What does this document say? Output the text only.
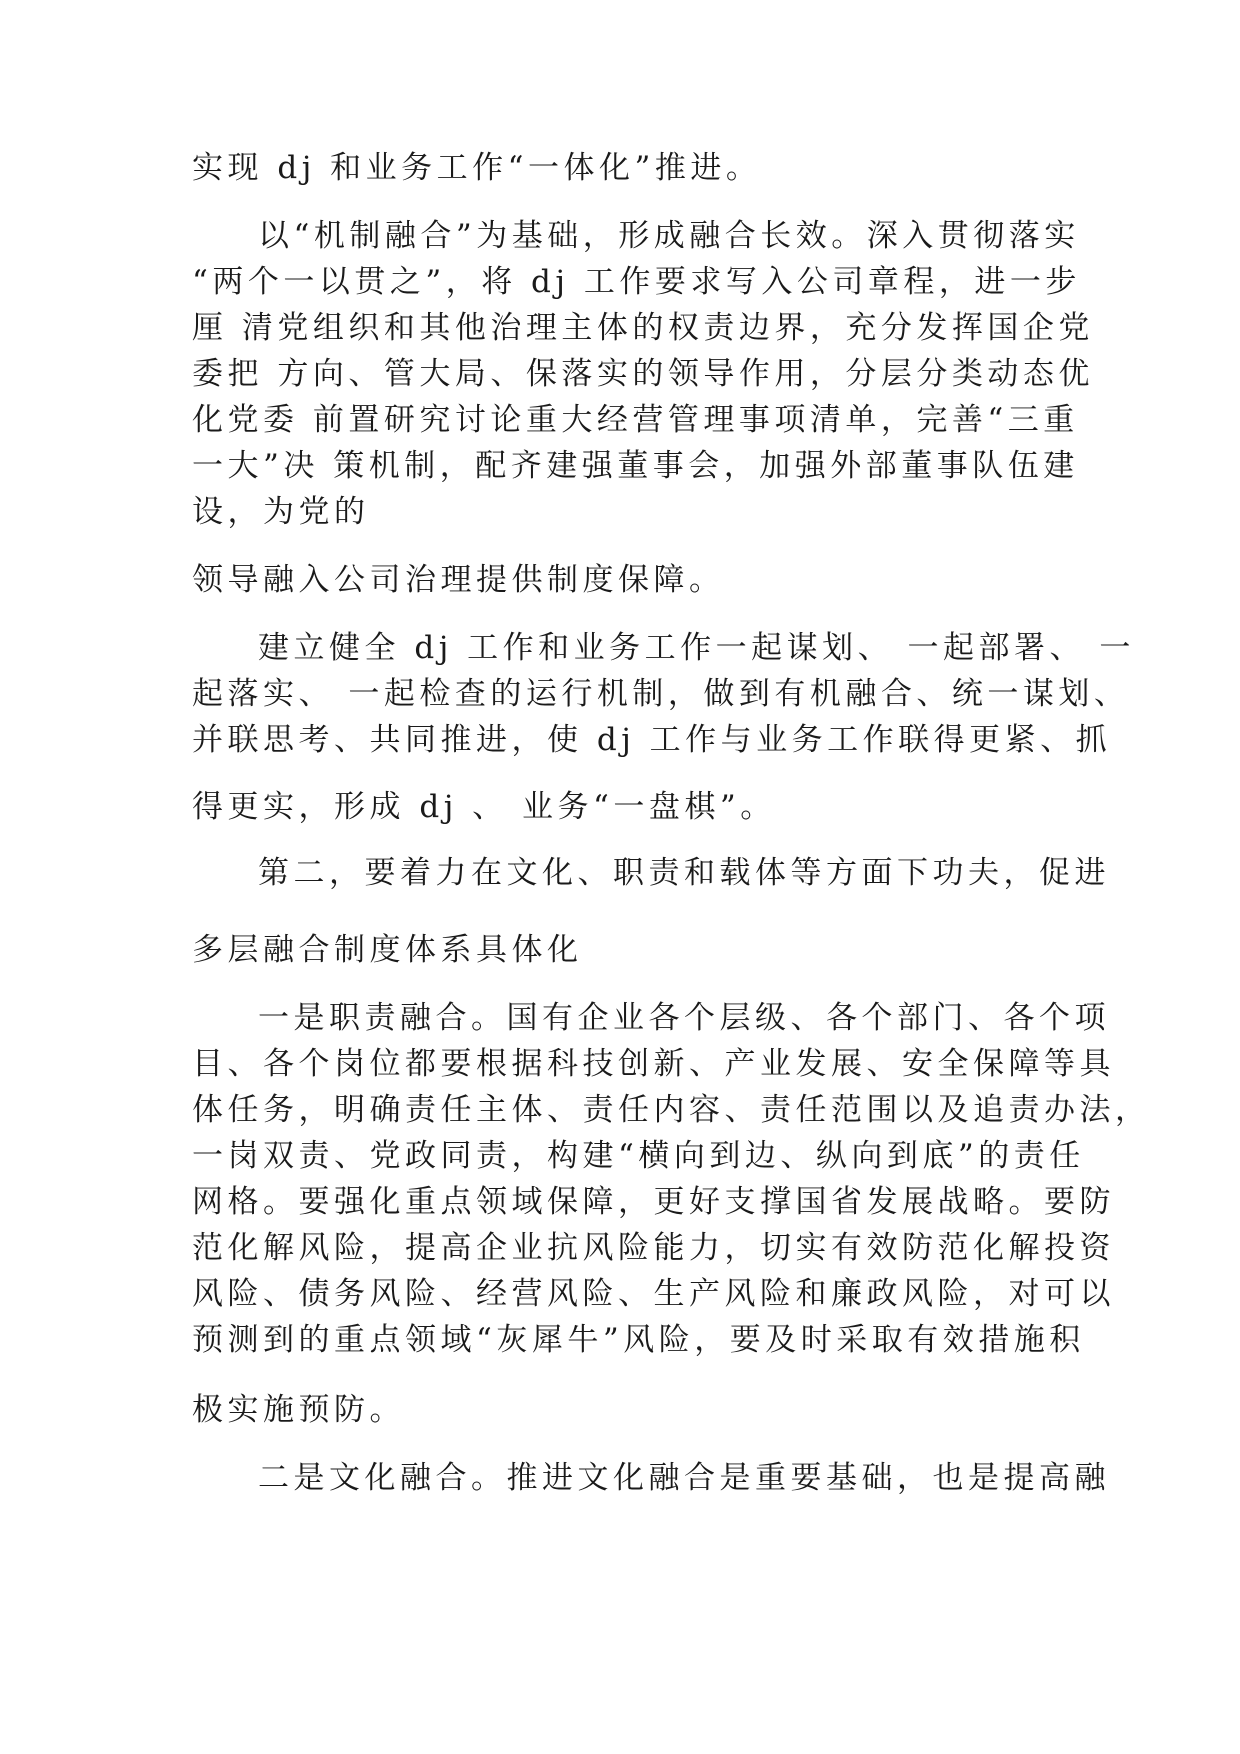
实现 dj 和业务工作“一体化”推进。
以“机制融合”为基础，形成融合长效。深入贯彻落实
“两个一以贯之”，将 dj 工作要求写入公司章程，进一步
厘 清党组织和其他治理主体的权责边界，充分发挥国企党
委把 方向、管大局、保落实的领导作用，分层分类动态优
化党委 前置研究讨论重大经营管理事项清单，完善“三重
一大”决 策机制，配齐建强董事会，加强外部董事队伍建
设，为党的
领导融入公司治理提供制度保障。
建立健全 dj 工作和业务工作一起谋划、 一起部署、 一
起落实、 一起检查的运行机制，做到有机融合、统一谋划、
并联思考、共同推进，使 dj 工作与业务工作联得更紧、抓
得更实，形成 dj 、 业务“一盘棋”。
第二，要着力在文化、职责和载体等方面下功夫，促进
多层融合制度体系具体化
一是职责融合。国有企业各个层级、各个部门、各个项
目、各个岗位都要根据科技创新、产业发展、安全保障等具
体任务，明确责任主体、责任内容、责任范围以及追责办法，
一岗双责、党政同责，构建“横向到边、纵向到底”的责任
网格。要强化重点领域保障，更好支撑国省发展战略。要防
范化解风险，提高企业抗风险能力，切实有效防范化解投资
风险、债务风险、经营风险、生产风险和廉政风险，对可以
预测到的重点领域“灰犀牛”风险，要及时采取有效措施积
极实施预防。
二是文化融合。推进文化融合是重要基础，也是提高融
